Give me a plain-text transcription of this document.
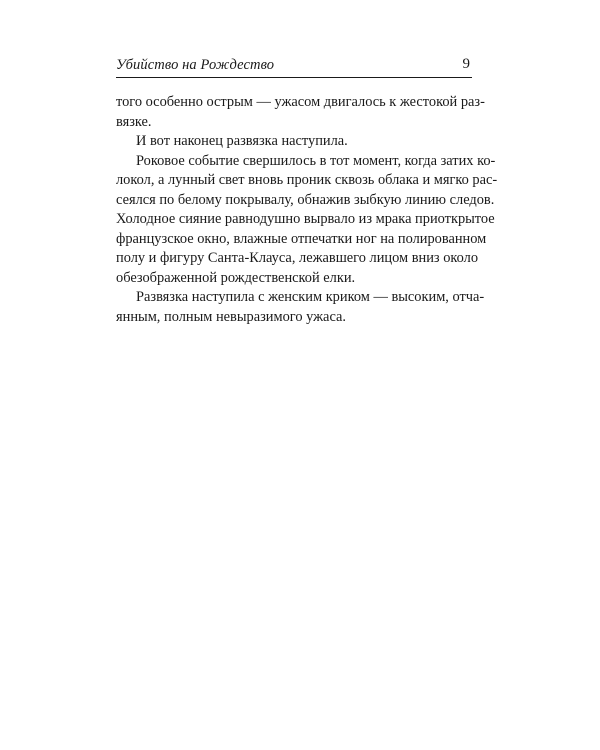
Убийство на Рождество	9
того особенно острым — ужасом двигалось к жестокой раз-
вязке.
И вот наконец развязка наступила.
Роковое событие свершилось в тот момент, когда затих ко-
локол, а лунный свет вновь проник сквозь облака и мягко рас-
сеялся по белому покрывалу, обнажив зыбкую линию следов.
Холодное сияние равнодушно вырвало из мрака приоткрытое
французское окно, влажные отпечатки ног на полированном
полу и фигуру Санта-Клауса, лежавшего лицом вниз около
обезображенной рождественской елки.
Развязка наступила с женским криком — высоким, отча-
янным, полным невыразимого ужаса.
